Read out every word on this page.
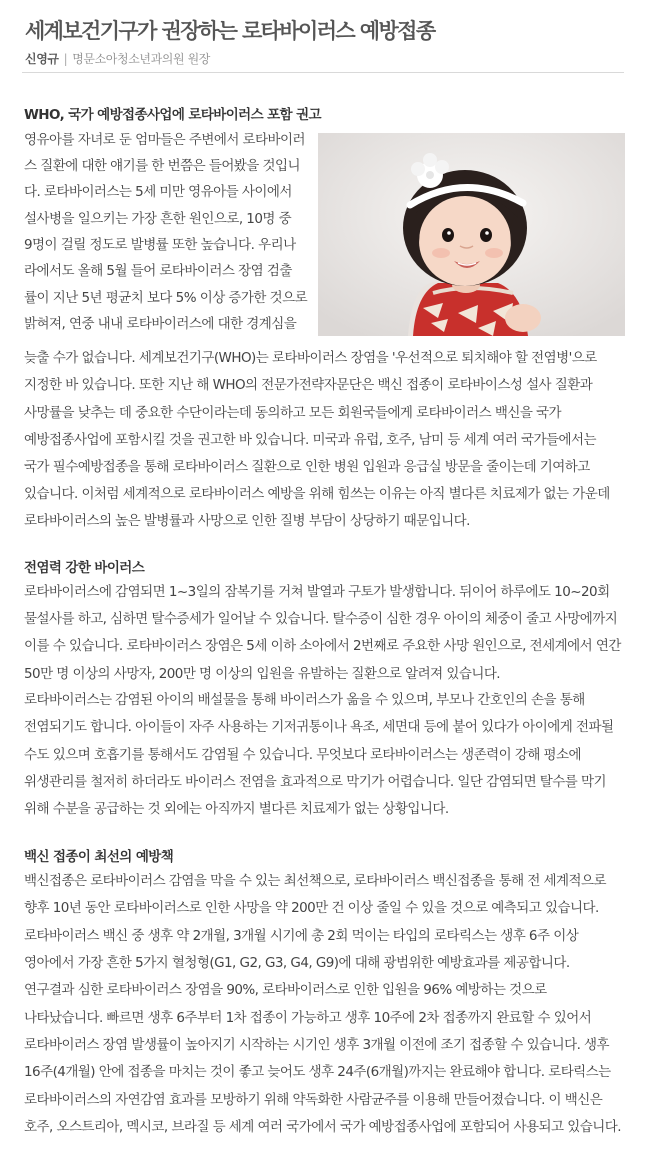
세계보건기구가 권장하는 로타바이러스 예방접종
신영규 | 명문소아청소년과의원 원장
WHO, 국가 예방접종사업에 로타바이러스 포함 권고
영유아를 자녀로 둔 엄마들은 주변에서 로타바이러
스 질환에 대한 얘기를 한 번쯤은 들어봤을 것입니
다. 로타바이러스는 5세 미만 영유아들 사이에서
설사병을 일으키는 가장 흔한 원인으로, 10명 중
9명이 걸릴 정도로 발병률 또한 높습니다. 우리나
라에서도 올해 5월 들어 로타바이러스 장염 검출
률이 지난 5년 평균치 보다 5% 이상 증가한 것으로
밝혀져, 연중 내내 로타바이러스에 대한 경계심을
늦출 수가 없습니다. 세계보건기구(WHO)는 로타바이러스 장염을 '우선적으로 퇴치해야 할 전염병'으로
지정한 바 있습니다. 또한 지난 해 WHO의 전문가전략자문단은 백신 접종이 로타바이스성 설사 질환과
사망률을 낮추는 데 중요한 수단이라는데 동의하고 모든 회원국들에게 로타바이러스 백신을 국가
예방접종사업에 포함시킬 것을 권고한 바 있습니다. 미국과 유럽, 호주, 남미 등 세계 여러 국가들에서는
국가 필수예방접종을 통해 로타바이러스 질환으로 인한 병원 입원과 응급실 방문을 줄이는데 기여하고
있습니다. 이처럼 세계적으로 로타바이러스 예방을 위해 힘쓰는 이유는 아직 별다른 치료제가 없는 가운데
로타바이러스의 높은 발병률과 사망으로 인한 질병 부담이 상당하기 때문입니다.
전염력 강한 바이러스
로타바이러스에 감염되면 1~3일의 잠복기를 거쳐 발열과 구토가 발생합니다. 뒤이어 하루에도 10~20회
물설사를 하고, 심하면 탈수증세가 일어날 수 있습니다. 탈수증이 심한 경우 아이의 체중이 줄고 사망에까지
이를 수 있습니다. 로타바이러스 장염은 5세 이하 소아에서 2번째로 주요한 사망 원인으로, 전세계에서 연간
50만 명 이상의 사망자, 200만 명 이상의 입원을 유발하는 질환으로 알려져 있습니다.
로타바이러스는 감염된 아이의 배설물을 통해 바이러스가 옮을 수 있으며, 부모나 간호인의 손을 통해
전염되기도 합니다. 아이들이 자주 사용하는 기저귀통이나 욕조, 세면대 등에 붙어 있다가 아이에게 전파될
수도 있으며 호흡기를 통해서도 감염될 수 있습니다. 무엇보다 로타바이러스는 생존력이 강해 평소에
위생관리를 철저히 하더라도 바이러스 전염을 효과적으로 막기가 어렵습니다. 일단 감염되면 탈수를 막기
위해 수분을 공급하는 것 외에는 아직까지 별다른 치료제가 없는 상황입니다.
백신 접종이 최선의 예방책
백신접종은 로타바이러스 감염을 막을 수 있는 최선책으로, 로타바이러스 백신접종을 통해 전 세계적으로
향후 10년 동안 로타바이러스로 인한 사망을 약 200만 건 이상 줄일 수 있을 것으로 예측되고 있습니다.
로타바이러스 백신 중 생후 약 2개월, 3개월 시기에 총 2회 먹이는 타입의 로타릭스는 생후 6주 이상
영아에서 가장 흔한 5가지 혈청형(G1, G2, G3, G4, G9)에 대해 광범위한 예방효과를 제공합니다.
연구결과 심한 로타바이러스 장염을 90%, 로타바이러스로 인한 입원을 96% 예방하는 것으로
나타났습니다. 빠르면 생후 6주부터 1차 접종이 가능하고 생후 10주에 2차 접종까지 완료할 수 있어서
로타바이러스 장염 발생률이 높아지기 시작하는 시기인 생후 3개월 이전에 조기 접종할 수 있습니다. 생후
16주(4개월) 안에 접종을 마치는 것이 좋고 늦어도 생후 24주(6개월)까지는 완료해야 합니다. 로타릭스는
로타바이러스의 자연감염 효과를 모방하기 위해 약독화한 사람균주를 이용해 만들어졌습니다. 이 백신은
호주, 오스트리아, 멕시코, 브라질 등 세계 여러 국가에서 국가 예방접종사업에 포함되어 사용되고 있습니다.
